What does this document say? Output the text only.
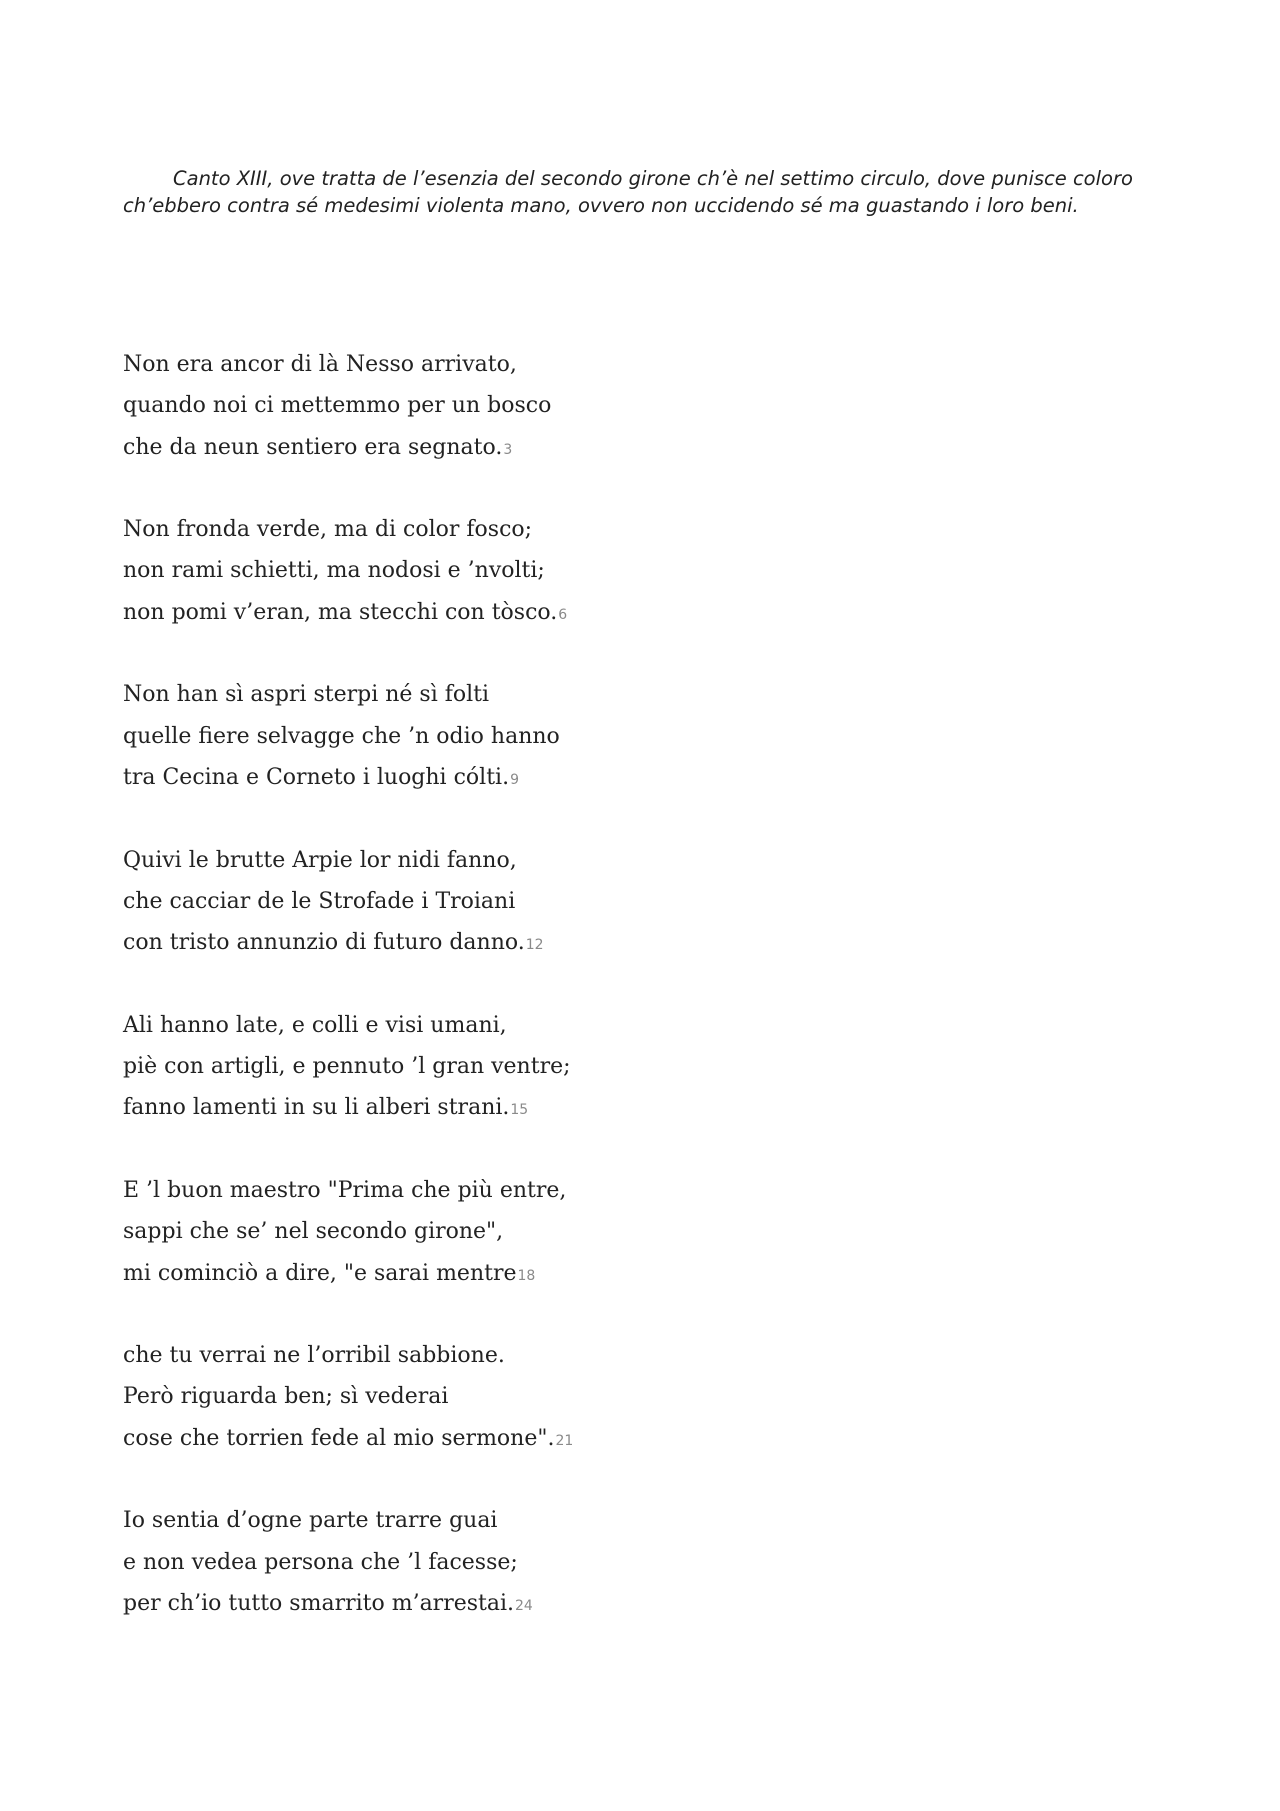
Canto XIII, ove tratta de l’esenzia del secondo girone ch’è nel settimo circulo, dove punisce coloro ch’ebbero contra sé medesimi violenta mano, ovvero non uccidendo sé ma guastando i loro beni.

Non era ancor di là Nesso arrivato,
quando noi ci mettemmo per un bosco
che da neun sentiero era segnato.3
Non fronda verde, ma di color fosco;
non rami schietti, ma nodosi e ’nvolti;
non pomi v’eran, ma stecchi con tòsco.6
Non han sì aspri sterpi né sì folti
quelle fiere selvagge che ’n odio hanno
tra Cecina e Corneto i luoghi cólti.9
Quivi le brutte Arpie lor nidi fanno,
che cacciar de le Strofade i Troiani
con tristo annunzio di futuro danno.12
Ali hanno late, e colli e visi umani,
piè con artigli, e pennuto ’l gran ventre;
fanno lamenti in su li alberi strani.15
E ’l buon maestro "Prima che più entre,
sappi che se’ nel secondo girone",
mi cominciò a dire, "e sarai mentre18
che tu verrai ne l’orribil sabbione.
Però riguarda ben; sì vederai
cose che torrien fede al mio sermone".21
Io sentia d’ogne parte trarre guai
e non vedea persona che ’l facesse;
per ch’io tutto smarrito m’arrestai.24
